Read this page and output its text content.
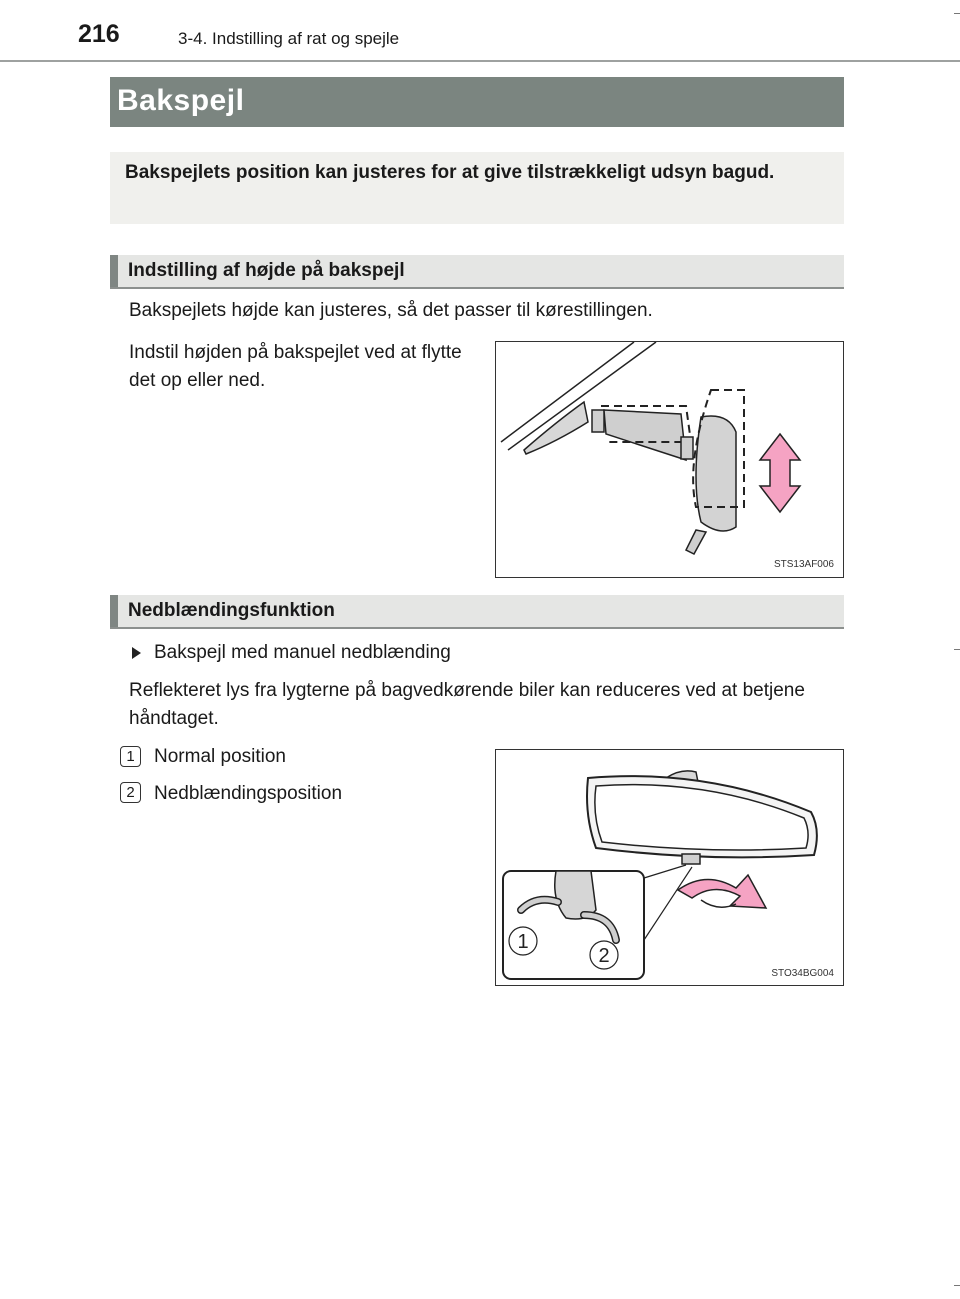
216	3-4. Indstilling af rat og spejle
Bakspejl
Bakspejlets position kan justeres for at give tilstrækkeligt udsyn bagud.
Indstilling af højde på bakspejl
Bakspejlets højde kan justeres, så det passer til kørestillingen.
Indstil højden på bakspejlet ved at flytte det op eller ned.
STS13AF006
Nedblændingsfunktion
Bakspejl med manuel nedblænding
Reflekteret lys fra lygterne på bagvedkørende biler kan reduceres ved at betjene håndtaget.
1	Normal position
2	Nedblændingsposition
1
2
STO34BG004
